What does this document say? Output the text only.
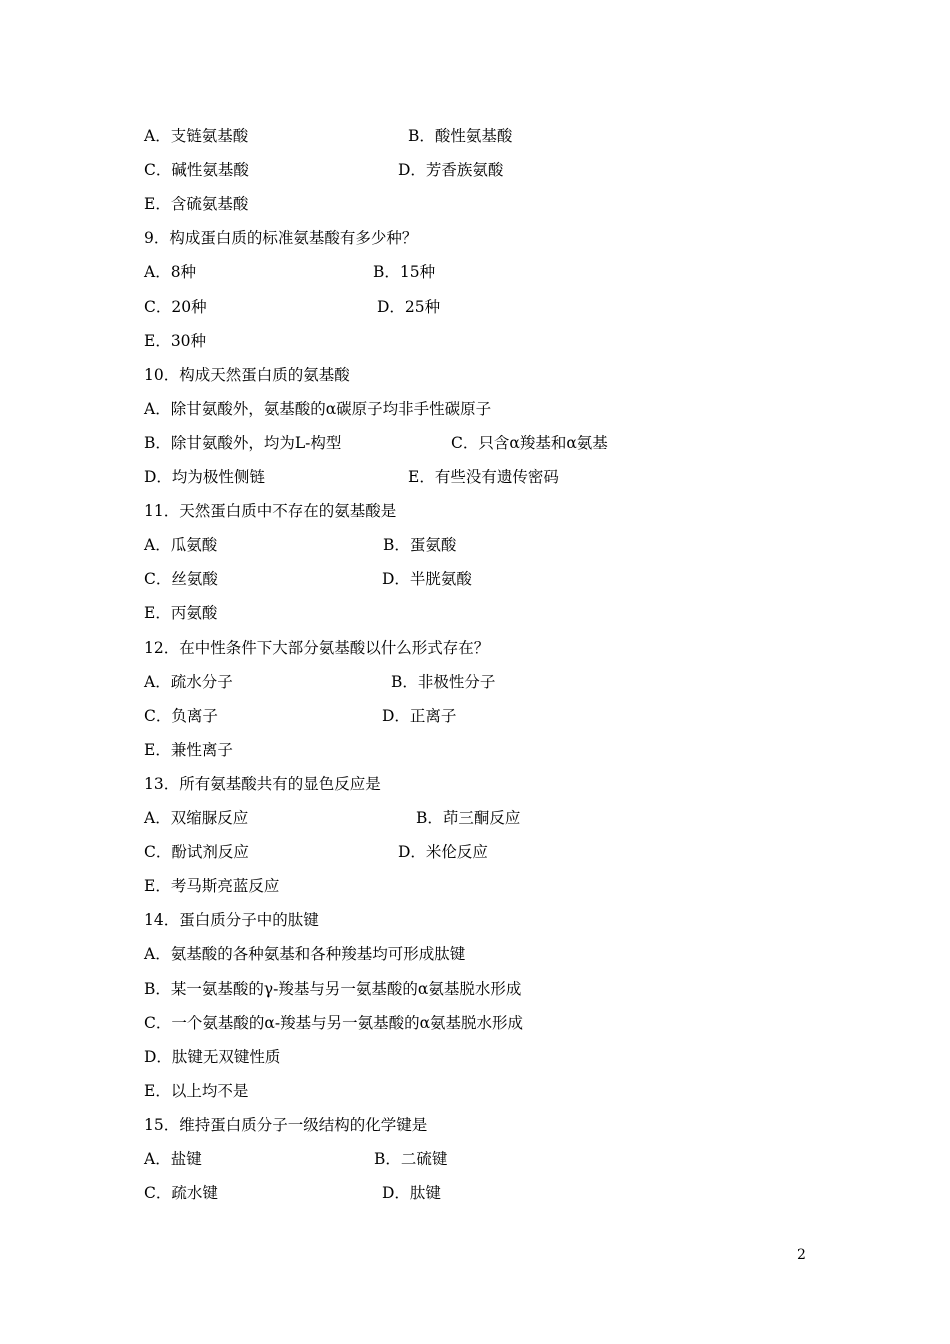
A．支链氨基酸	B．酸性氨基酸
C．碱性氨基酸	D．芳香族氨酸
E．含硫氨基酸
9．构成蛋白质的标准氨基酸有多少种？
A．8种	B．15种
C．20种	D．25种
E．30种
10．构成天然蛋白质的氨基酸
A．除甘氨酸外，氨基酸的α碳原子均非手性碳原子
B．除甘氨酸外，均为L-构型	C．只含α羧基和α氨基
D．均为极性侧链	E．有些没有遗传密码
11．天然蛋白质中不存在的氨基酸是
A．瓜氨酸	B．蛋氨酸
C．丝氨酸	D．半胱氨酸
E．丙氨酸
12．在中性条件下大部分氨基酸以什么形式存在？
A．疏水分子	B．非极性分子
C．负离子	D．正离子
E．兼性离子
13．所有氨基酸共有的显色反应是
A．双缩脲反应	B．茚三酮反应
C．酚试剂反应	D．米伦反应
E．考马斯亮蓝反应
14．蛋白质分子中的肽键
A．氨基酸的各种氨基和各种羧基均可形成肽键
B．某一氨基酸的γ-羧基与另一氨基酸的α氨基脱水形成
C．一个氨基酸的α-羧基与另一氨基酸的α氨基脱水形成
D．肽键无双键性质
E．以上均不是
15．维持蛋白质分子一级结构的化学键是
A．盐键	B．二硫键
C．疏水键	D．肽键
2
